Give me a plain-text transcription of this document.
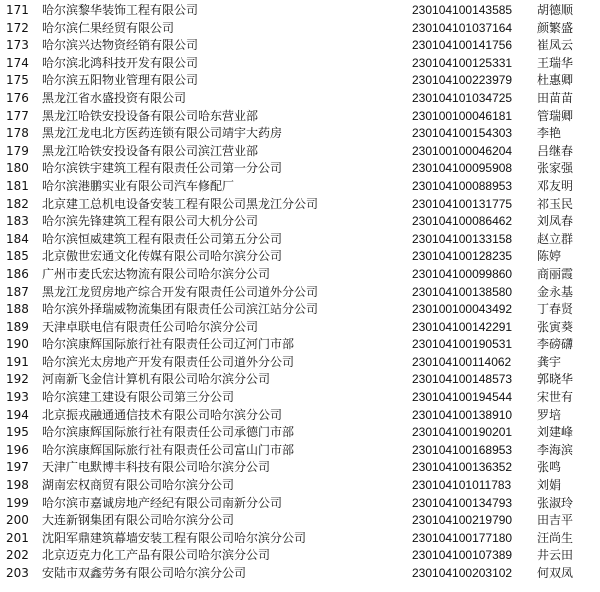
171	哈尔滨黎华装饰工程有限公司	230104100143585	胡德顺
172	哈尔滨仁果经贸有限公司	230104101037164	颜繁盛
173	哈尔滨兴达物资经销有限公司	230104100141756	崔凤云
174	哈尔滨北鸿科技开发有限公司	230104100125331	王瑞华
175	哈尔滨五阳物业管理有限公司	230104100223979	杜惠卿
176	黑龙江省水盛投资有限公司	230104101034725	田苗苗
177	黑龙江哈铁安投设备有限公司哈东营业部	230100100046181	管瑞卿
178	黑龙江龙电北方医药连锁有限公司靖宇大药房	230104100154303	李艳
179	黑龙江哈铁安投设备有限公司滨江营业部	230100100046204	吕继春
180	哈尔滨铁宇建筑工程有限责任公司第一分公司	230104100095908	张家强
181	哈尔滨港鹏实业有限公司汽车修配厂	230104100088953	邓友明
182	北京建工总机电设备安装工程有限公司黑龙江分公司	230104100131775	祁玉民
183	哈尔滨先锋建筑工程有限公司大机分公司	230104100086462	刘凤春
184	哈尔滨恒威建筑工程有限责任公司第五分公司	230104100133158	赵立群
185	北京傲世宏通文化传媒有限公司哈尔滨分公司	230104100128235	陈婷
186	广州市麦氏宏达物流有限公司哈尔滨分公司	230104100099860	商丽霞
187	黑龙江龙贸房地产综合开发有限责任公司道外分公司	230104100138580	金永基
188	哈尔滨外择瑞威物流集团有限责任公司滨江站分公司	230100100043492	丁春贤
189	天津卓联电信有限责任公司哈尔滨分公司	230104100142291	张寅葵
190	哈尔滨康辉国际旅行社有限责任公司辽河门市部	230104100190531	李磅礴
191	哈尔滨光太房地产开发有限责任公司道外分公司	230104100114062	龚宇
192	河南新飞金信计算机有限公司哈尔滨分公司	230104100148573	郭晓华
193	哈尔滨建工建设有限公司第三分公司	230104100194544	宋世有
194	北京振戎融通通信技术有限公司哈尔滨分公司	230104100138910	罗培
195	哈尔滨康辉国际旅行社有限责任公司承德门市部	230104100190201	刘建峰
196	哈尔滨康辉国际旅行社有限责任公司富山门市部	230104100168953	李海滨
197	天津广电默博丰科技有限公司哈尔滨分公司	230104100136352	张鸣
198	湖南宏权商贸有限公司哈尔滨分公司	230104101011783	刘娟
199	哈尔滨市嘉诚房地产经纪有限公司南新分公司	230104100134793	张淑玲
200	大连新钢集团有限公司哈尔滨分公司	230104100219790	田吉平
201	沈阳军鼎建筑幕墙安装工程有限公司哈尔滨分公司	230104100177180	汪尚生
202	北京迈克力化工产品有限公司哈尔滨分公司	230104100107389	井云田
203	安陆市双鑫劳务有限公司哈尔滨分公司	230104100203102	何双凤
